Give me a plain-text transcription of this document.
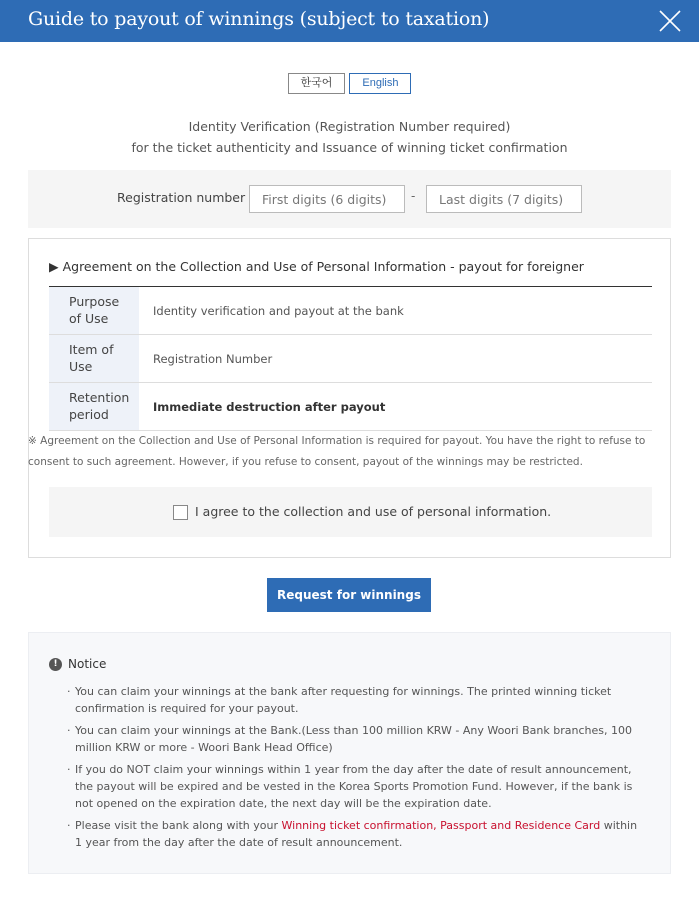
Guide to payout of winnings (subject to taxation)
한국어	English
Identity Verification (Registration Number required)
for the ticket authenticity and Issuance of winning ticket confirmation
Registration number
First digits (6 digits)	-
Last digits (7 digits)
▶ Agreement on the Collection and Use of Personal Information - payout for foreigner
Purpose
of Use
Identity verification and payout at the bank
Item of
Use
Registration Number
Retention
period
Immediate destruction after payout
※ Agreement on the Collection and Use of Personal Information is required for payout. You have the right to refuse to
consent to such agreement. However, if you refuse to consent, payout of the winnings may be restricted.
I agree to the collection and use of personal information.
Request for winnings
! Notice
· You can claim your winnings at the bank after requesting for winnings. The printed winning ticket confirmation is required for your payout.
· You can claim your winnings at the Bank.(Less than 100 million KRW - Any Woori Bank branches, 100 million KRW or more - Woori Bank Head Office)
· If you do NOT claim your winnings within 1 year from the day after the date of result announcement, the payout will be expired and be vested in the Korea Sports Promotion Fund. However, if the bank is not opened on the expiration date, the next day will be the expiration date.
· Please visit the bank along with your Winning ticket confirmation, Passport and Residence Card within 1 year from the day after the date of result announcement.
